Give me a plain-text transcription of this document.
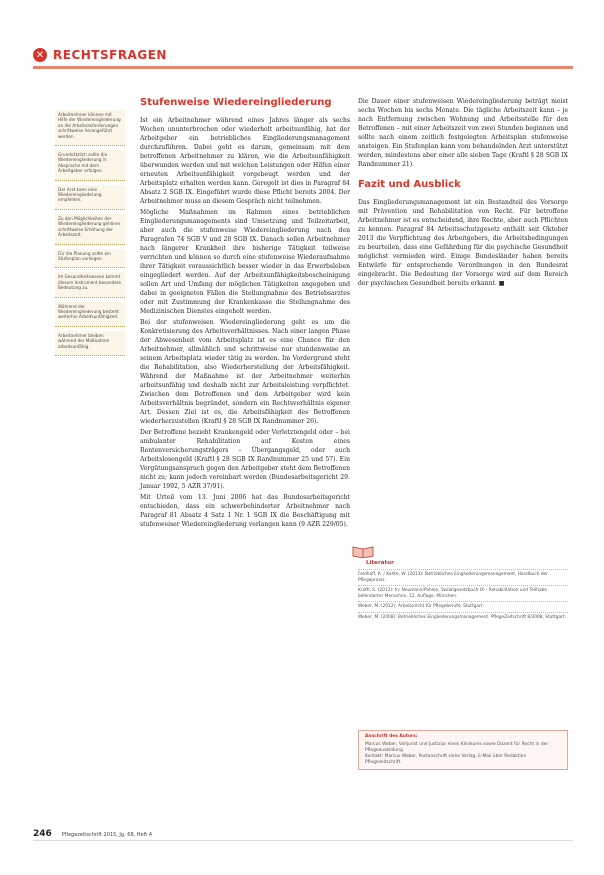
✕ RECHTSFRAGEN

Arbeitnehmer können mit Hilfe der Wiedereingliederung an die Arbeitsanforderungen schrittweise herangeführt werden.

Grundsätzlich sollte die Wiedereingliederung in Absprache mit dem Arbeitgeber erfolgen.

Der Arzt kann eine Wiedereingliederung empfehlen.

Zu den Möglichkeiten der Wiedereingliederung gehören schrittweise Erhöhung der Arbeitszeit.

Für die Planung sollte ein Stufenplan vorliegen.

Im Gesundheitswesen kommt diesem Instrument besondere Bedeutung zu.

Während der Wiedereingliederung besteht weiterhin Arbeitsunfähigkeit.

Arbeitnehmer bleiben während der Maßnahme arbeitsunfähig.

Stufenweise Wiedereingliederung

Ist ein Arbeitnehmer während eines Jahres länger als sechs Wochen ununterbrochen oder wiederholt arbeitsunfähig, hat der Arbeitgeber ein betriebliches Eingliederungsmanagement durchzuführen. Dabei geht es darum, gemeinsam mit dem betroffenen Arbeitnehmer zu klären, wie die Arbeitsunfähigkeit überwunden werden und mit welchen Leistungen oder Hilfen einer erneuten Arbeitsunfähigkeit vorgebeugt werden und der Arbeitsplatz erhalten werden kann. Geregelt ist dies in Paragraf 84 Absatz 2 SGB IX. Eingeführt wurde diese Pflicht bereits 2004. Der Arbeitnehmer muss an diesem Gespräch nicht teilnehmen.

Mögliche Maßnahmen im Rahmen eines betrieblichen Eingliederungsmanagements sind Umsetzung und Teilzeitarbeit, aber auch die stufenweise Wiedereingliederung nach den Paragrafen 74 SGB V und 28 SGB IX. Danach sollen Arbeitnehmer nach längerer Krankheit ihre bisherige Tätigkeit teilweise verrichten und können so durch eine stufenweise Wiederaufnahme ihrer Tätigkeit voraussichtlich besser wieder in das Erwerbsleben eingegliedert werden. Auf der Arbeitsunfähigkeitsbescheinigung sollen Art und Umfang der möglichen Tätigkeiten angegeben und dabei in geeigneten Fällen die Stellungnahme des Betriebsarztes oder mit Zustimmung der Krankenkasse die Stellungnahme des Medizinischen Dienstes eingeholt werden.

Bei der stufenweisen Wiedereingliederung geht es um die Konkretisierung des Arbeitsverhältnisses. Nach einer langen Phase der Abwesenheit vom Arbeitsplatz ist es eine Chance für den Arbeitnehmer, allmählich und schrittweise nur stundenweise an seinem Arbeitsplatz wieder tätig zu werden. Im Vordergrund steht die Rehabilitation, also Wiederherstellung der Arbeitsfähigkeit. Während der Maßnahme ist der Arbeitnehmer weiterhin arbeitsunfähig und deshalb nicht zur Arbeitsleistung verpflichtet. Zwischen dem Betroffenen und dem Arbeitgeber wird kein Arbeitsverhältnis begründet, sondern ein Rechtsverhältnis eigener Art. Dessen Ziel ist es, die Arbeitsfähigkeit des Betroffenen wiederherzustellen (Kraftl § 28 SGB IX Randnummer 26).

Der Betroffene bezieht Krankengeld oder Verletztengeld oder – bei ambulanter Rehabilitation auf Kosten eines Rentenversicherungsträgers – Übergangsgeld, oder auch Arbeitslosengeld (Kraftl § 28 SGB IX Randnummer 25 und 57). Ein Vergütungsanspruch gegen den Arbeitgeber steht dem Betroffenen nicht zu; kann jedoch vereinbart werden (Bundesarbeitsgericht 29. Januar 1992, 5 AZR 37/91).

Mit Urteil vom 13. Juni 2006 hat das Bundesarbeitsgericht entschieden, dass ein schwerbehinderter Arbeitnehmer nach Paragraf 81 Absatz 4 Satz 1 Nr. 1 SGB IX die Beschäftigung mit stufenweiser Wiedereingliederung verlangen kann (9 AZR 229/05).

Die Dauer einer stufenweisen Wiedereingliederung beträgt meist sechs Wochen bis sechs Monate. Die tägliche Arbeitszeit kann – je nach Entfernung zwischen Wohnung und Arbeitsstelle für den Betroffenen – mit einer Arbeitszeit von zwei Stunden beginnen und sollte nach einem zeitlich festgelegten Arbeitsplan stufenweise ansteigen. Ein Stufenplan kann vom behandelnden Arzt unterstützt werden, mindestens aber einer alle sieben Tage (Kraftl § 28 SGB IX Randnummer 21).

Fazit und Ausblick

Das Eingliederungsmanagement ist ein Bestandteil des Vorsorge mit Prävention und Rehabilitation von Recht. Für betroffene Arbeitnehmer ist es entscheidend, ihre Rechte, aber auch Pflichten zu kennen. Paragraf 84 Arbeitsschutzgesetz enthält seit Oktober 2013 die Verpflichtung des Arbeitgebers, die Arbeitsbedingungen zu beurteilen, dass eine Gefährdung für die psychische Gesundheit möglichst vermieden wird. Einige Bundesländer haben bereits Entwürfe für entsprechende Verordnungen in den Bundesrat eingebracht. Die Bedeutung der Vorsorge wird auf dem Bereich der psychischen Gesundheit bereits erkannt. ■

Literatur
Feldhoff, K. / Kohte, W. (2013): Betriebliches Eingliederungsmanagement, Handbuch der Pflegepraxis.
Kraftl, S. (2012): In: Neumann/Pahlen, Sozialgesetzbuch IX – Rehabilitation und Teilhabe behinderter Menschen, 12. Auflage, München.
Weber, M. (2012): Arbeitsrecht für Pflegeberufe, Stuttgart.
Weber, M. (2008): Betriebliches Eingliederungsmanagement. PflegeZeitschrift 8/2008, Stuttgart.
Anschrift des Autors:
Marcus Weber, Volljurist und Justiziar eines Klinikums sowie Dozent für Recht in der Pflegeausbildung.
Kontakt: Marcus Weber, Postanschrift siehe Verlag, E-Mail über Redaktion Pflegezeitschrift.
246 Pflegezeitschrift 2015, Jg. 68, Heft 4
